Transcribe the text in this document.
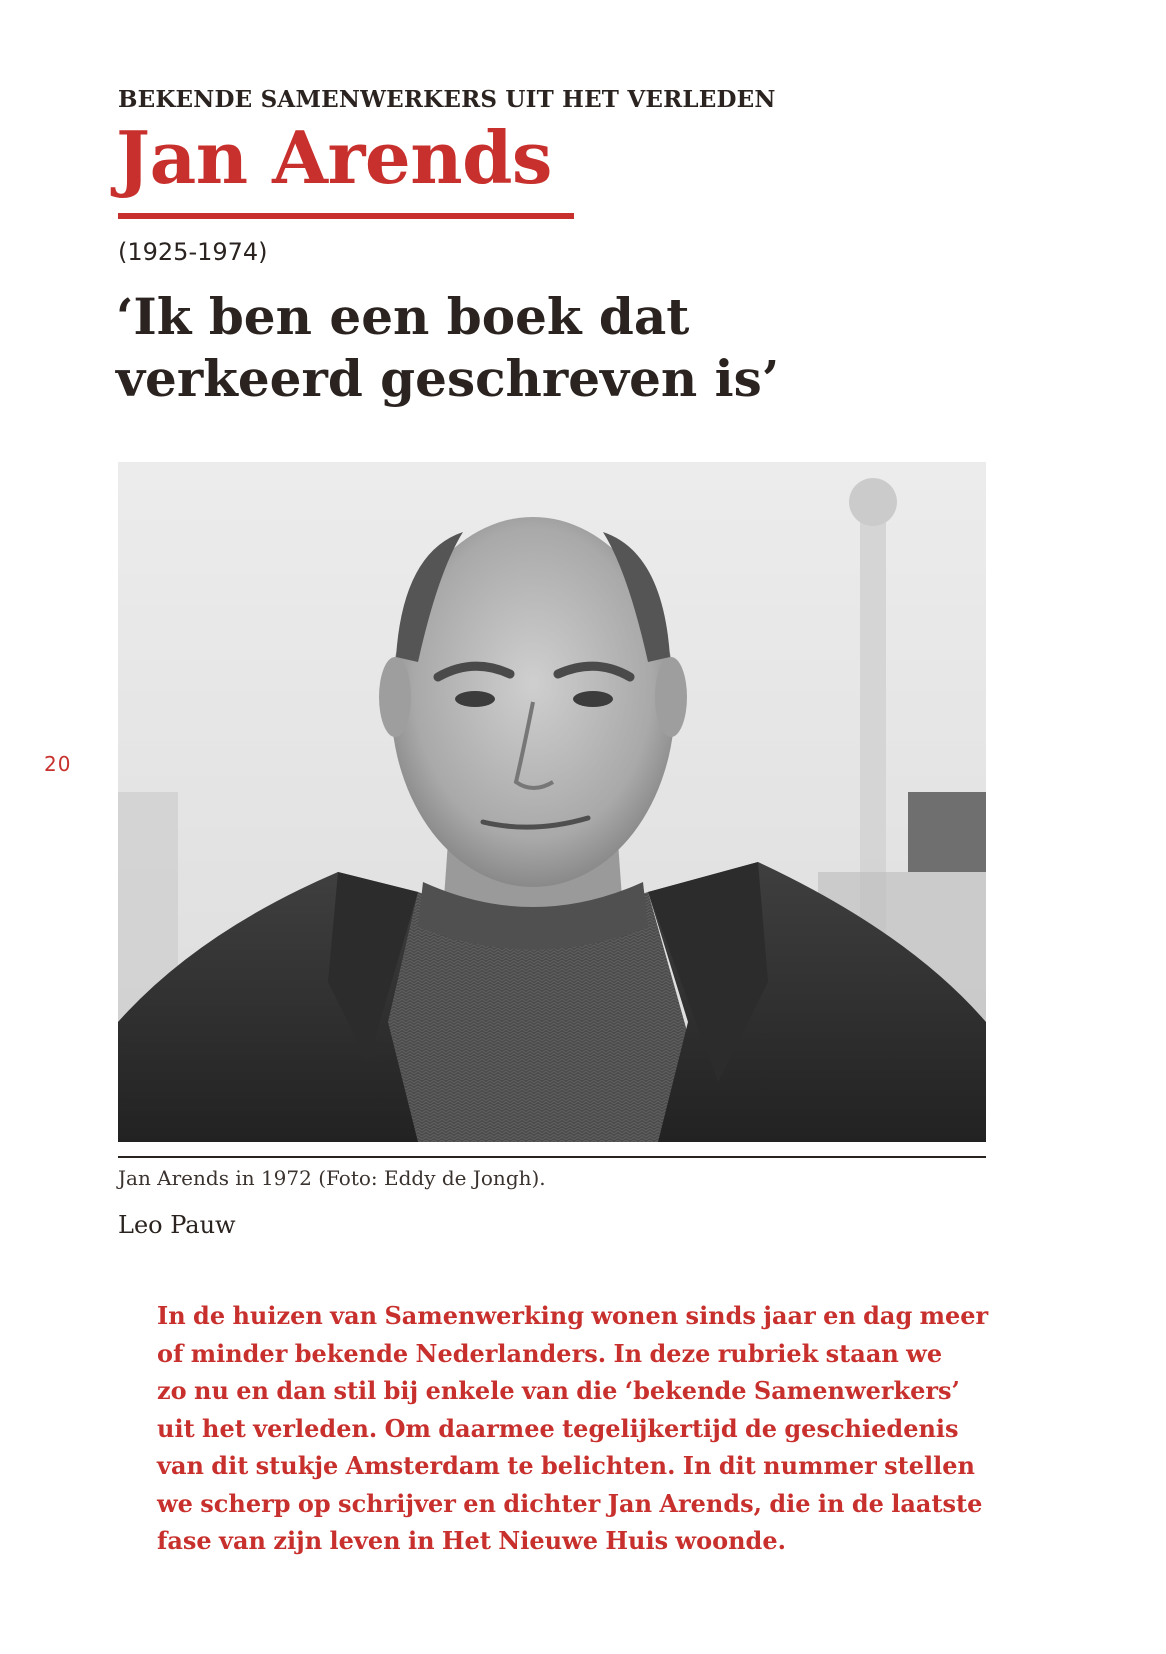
BEKENDE SAMENWERKERS UIT HET VERLEDEN
Jan Arends
(1925-1974)
‘Ik ben een boek dat
verkeerd geschreven is’
20
Jan Arends in 1972 (Foto: Eddy de Jongh).
Leo Pauw
In de huizen van Samenwerking wonen sinds jaar en dag meer
of minder bekende Nederlanders. In deze rubriek staan we
zo nu en dan stil bij enkele van die ‘bekende Samenwerkers’
uit het verleden. Om daarmee tegelijkertijd de geschiedenis
van dit stukje Amsterdam te belichten. In dit nummer stellen
we scherp op schrijver en dichter Jan Arends, die in de laatste
fase van zijn leven in Het Nieuwe Huis woonde.
